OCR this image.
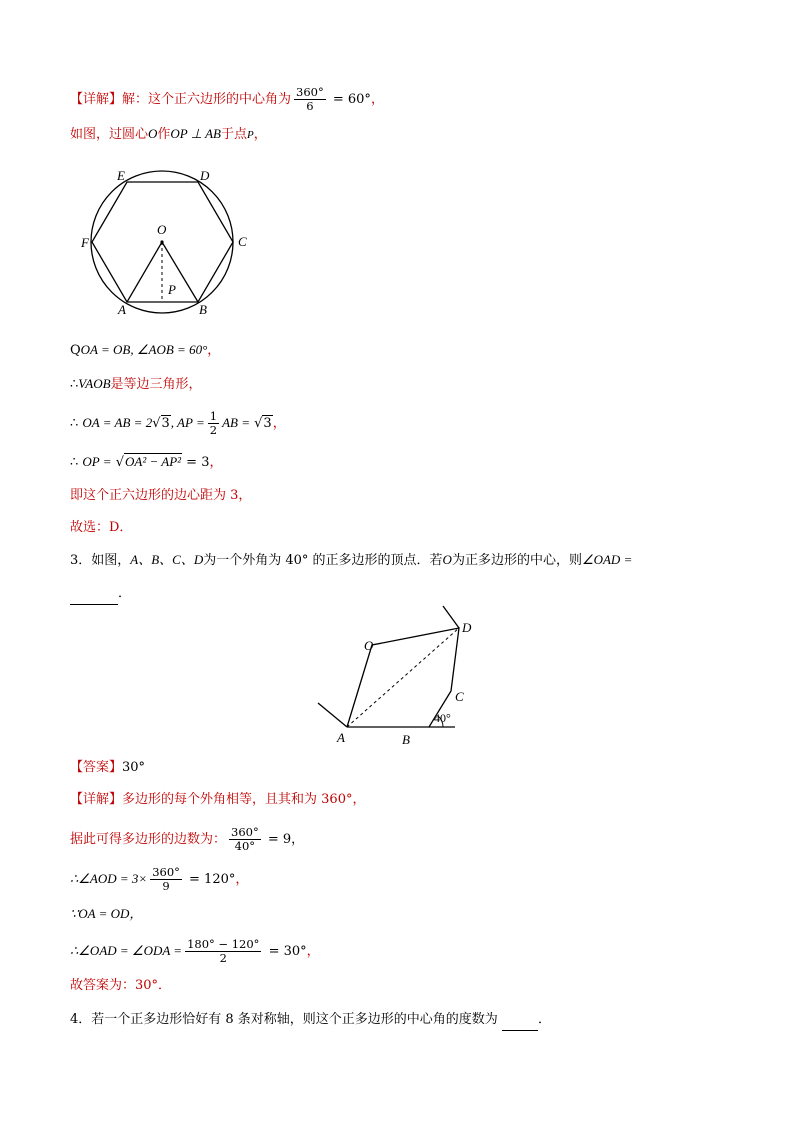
【详解】解：这个正六边形的中心角为 $\frac{360^\circ}{6} = 60^\circ$，
如图，过圆心O作OP ⊥ AB于点P，
E	D
C
B
A
F
O
P
QOA = OB, ∠AOB = 60°，
∴VAOB是等边三角形，
∴ OA = AB = 2√3, AP = $\frac{1}{2}$ AB = √3，
∴ OP = √OA² − AP² = 3，
即这个正六边形的边心距为 3，
故选：D．
3．如图，A、B、C、D为一个外角为 40° 的正多边形的顶点．若O为正多边形的中心，则∠OAD =
．
O
D
C
A	B
40°
【答案】30°
【详解】多边形的每个外角相等，且其和为 360°，
据此可得多边形的边数为： $\frac{360^\circ}{40^\circ} = 9$，
∴∠AOD = $3\times \frac{360^\circ}{9} = 120^\circ$，
∵OA = OD，
∴∠OAD = ∠ODA = $\frac{180^\circ - 120^\circ}{2} = 30^\circ$，
故答案为：30°．
4．若一个正多边形恰好有 8 条对称轴，则这个正多边形的中心角的度数为	．
